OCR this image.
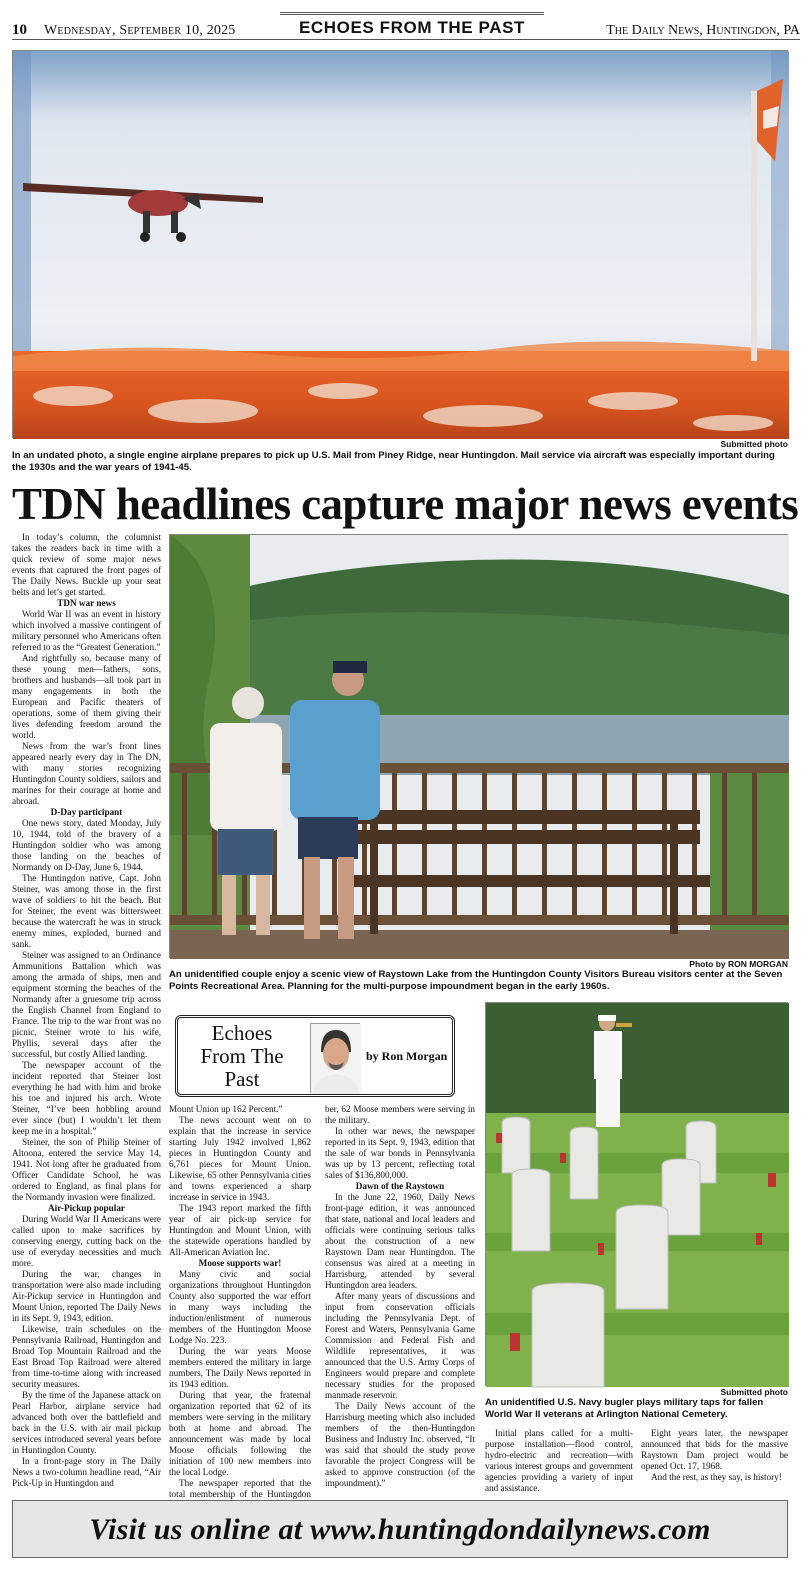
10 Wednesday, September 10, 2025	ECHOES FROM THE PAST	The Daily News, Huntingdon, PA
Submitted photo
In an undated photo, a single engine airplane prepares to pick up U.S. Mail from Piney Ridge, near Huntingdon. Mail service via aircraft was especially important during the 1930s and the war years of 1941-45.
TDN headlines capture major news events

In today’s column, the columnist takes the readers back in time with a quick review of some major news events that captured the front pages of The Daily News. Buckle up your seat belts and let’s get started.

TDN war news

World War II was an event in history which involved a massive contingent of military personnel who Americans often referred to as the “Greatest Generation.”

And rightfully so, because many of these young men—fathers, sons, brothers and husbands—all took part in many engagements in both the European and Pacific theaters of operations, some of them giving their lives defending freedom around the world.

News from the war’s front lines appeared nearly every day in The DN, with many stories recognizing Huntingdon County soldiers, sailors and marines for their courage at home and abroad.

D-Day participant

One news story, dated Monday, July 10, 1944, told of the bravery of a Huntingdon soldier who was among those landing on the beaches of Normandy on D-Day, June 6, 1944.

The Huntingdon native, Capt. John Steiner, was among those in the first wave of soldiers to hit the beach. But for Steiner, the event was bittersweet because the watercraft he was in struck enemy mines, exploded, burned and sank.

Steiner was assigned to an Ordinance Ammunitions Battalion which was among the armada of ships, men and equipment storming the beaches of the Normandy after a gruesome trip across the English Channel from England to France. The trip to the war front was no picnic, Steiner wrote to his wife, Phyllis, several days after the successful, but costly Allied landing.

The newspaper account of the incident reported that Steiner lost everything he had with him and broke his toe and injured his arch. Wrote Steiner, “I’ve been hobbling around ever since (but) I wouldn’t let them keep me in a hospital.”

Steiner, the son of Philip Steiner of Altoona, entered the service May 14, 1941. Not long after he graduated from Officer Candidate School, he was ordered to England, as final plans for the Normandy invasion were finalized.

Air-Pickup popular

During World War II Americans were called upon to make sacrifices by conserving energy, cutting back on the use of everyday necessities and much more.

During the war, changes in transportation were also made including Air-Pickup service in Huntingdon and Mount Union, reported The Daily News in its Sept. 9, 1943, edition.

Likewise, train schedules on the Pennsylvania Railroad, Huntingdon and Broad Top Mountain Railroad and the East Broad Top Railroad were altered from time-to-time along with increased security measures.

By the time of the Japanese attack on Pearl Harbor, airplane service had advanced both over the battlefield and back in the U.S. with air mail pickup services introduced several years before in Huntingdon County.

In a front-page story in The Daily News a two-column headline read, “Air Pick-Up in Huntingdon and

Photo by RON MORGAN
An unidentified couple enjoy a scenic view of Raystown Lake from the Huntingdon County Visitors Bureau visitors center at the Seven Points Recreational Area. Planning for the multi-purpose impoundment began in the early 1960s.
Echoes
From The
Past
by Ron Morgan

Mount Union up 162 Percent.”

The news account went on to explain that the increase in service starting July 1942 involved 1,862 pieces in Huntingdon County and 6,761 pieces for Mount Union. Likewise, 65 other Pennsylvania cities and towns experienced a sharp increase in service in 1943.

The 1943 report marked the fifth year of air pick-up service for Huntingdon and Mount Union, with the statewide operations handled by All-American Aviation Inc.

Moose supports war!

Many civic and social organizations throughout Huntingdon County also supported the war effort in many ways including the induction/enlistment of numerous members of the Huntingdon Moose Lodge No. 223.

During the war years Moose members entered the military in large numbers, The Daily News reported in its 1943 edition.

During that year, the fraternal organization reported that 62 of its members were serving in the military both at home and abroad. The announcement was made by local Moose officials following the initiation of 100 new members into the local Lodge.

The newspaper reported that the total membership of the Huntingdon

ber, 62 Moose members were serving in the military.

In other war news, the newspaper reported in its Sept. 9, 1943, edition that the sale of war bonds in Pennsylvania was up by 13 percent, reflecting total sales of $136,800,000.

Dawn of the Raystown

In the June 22, 1960, Daily News front-page edition, it was announced that state, national and local leaders and officials were continuing serious talks about the construction of a new Raystown Dam near Huntingdon. The consensus was aired at a meeting in Harrisburg, attended by several Huntingdon area leaders.

After many years of discussions and input from conservation officials including the Pennsylvania Dept. of Forest and Waters, Pennsylvania Game Commission and Federal Fish and Wildlife representatives, it was announced that the U.S. Army Corps of Engineers would prepare and complete necessary studies for the proposed manmade reservoir.

The Daily News account of the Harrisburg meeting which also included members of the then-Huntingdon Business and Industry Inc. observed, “It was said that should the study prove favorable the project Congress will be asked to approve construction (of the impoundment).”

Submitted photo
An unidentified U.S. Navy bugler plays military taps for fallen World War II veterans at Arlington National Cemetery.

Initial plans called for a multi-purpose installation—flood control, hydro-electric and recreation—with various interest groups and government agencies providing a variety of input and assistance.

Eight years later, the newspaper announced that bids for the massive Raystown Dam project would be opened Oct. 17, 1968.

And the rest, as they say, is history!

Visit us online at www.huntingdondailynews.com
